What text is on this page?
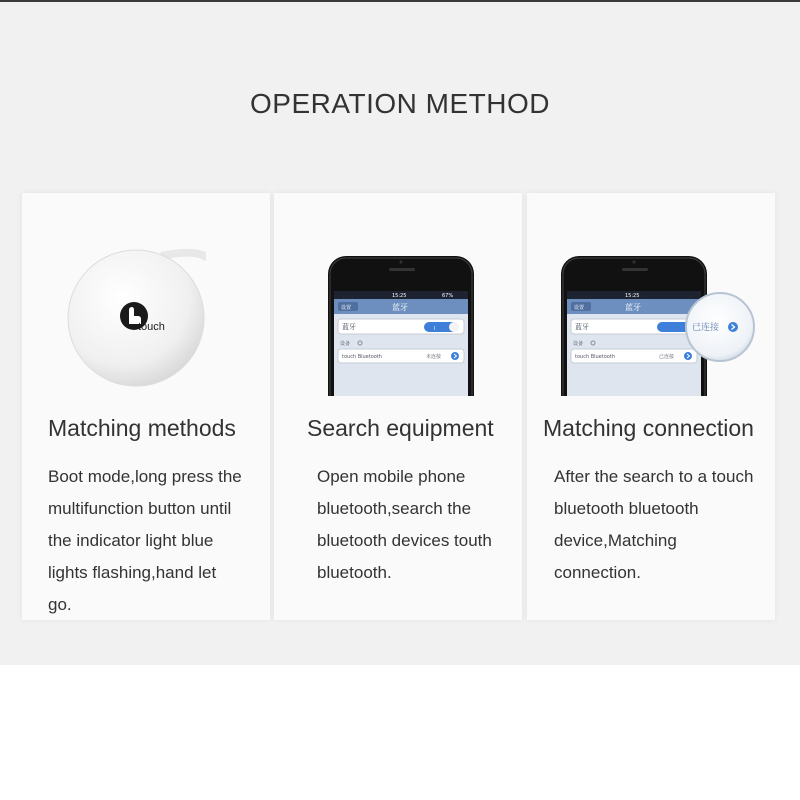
OPERATION METHOD
touch
Matching methods
Boot mode,long press the
multifunction button until
the indicator light blue
lights flashing,hand let
go.
15:25	67%
设置	蓝牙
蓝牙	I
设备
touch Bluetooth	未连接
Search equipment
Open mobile phone
bluetooth,search the
bluetooth devices touth
bluetooth.
15:25
设置	蓝牙
蓝牙
设备
touch Bluetooth	已连接
已连接
Matching connection
After the search to a touch
bluetooth bluetooth
device,Matching
connection.
